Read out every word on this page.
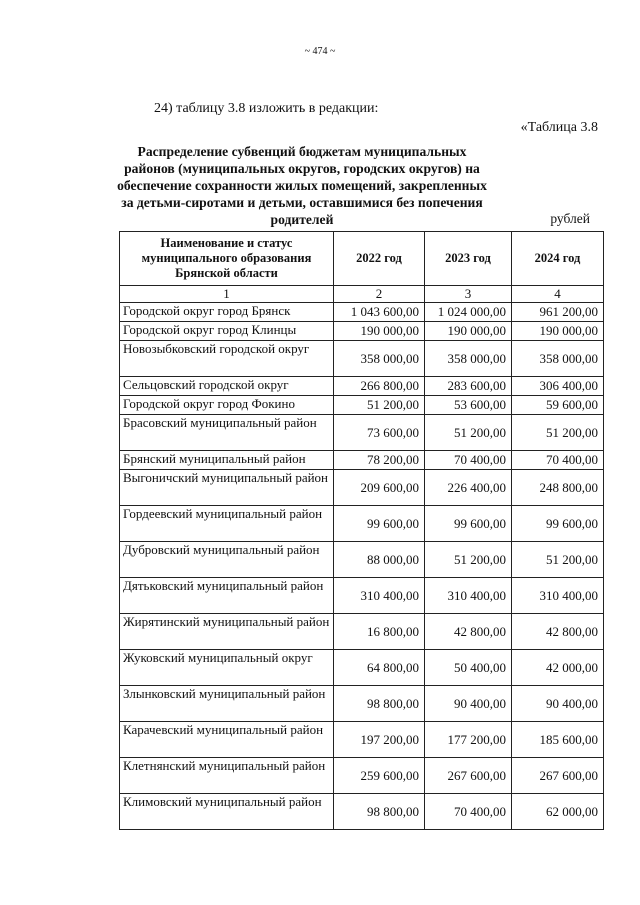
~ 474 ~
24) таблицу 3.8 изложить в редакции:
«Таблица 3.8
Распределение субвенций бюджетам муниципальных районов (муниципальных округов, городских округов) на обеспечение сохранности жилых помещений, закрепленных за детьми-сиротами и детьми, оставшимися без попечения родителей	рублей
Наименование и статус муниципального образования Брянской области	2022 год	2023 год	2024 год
1	2	3	4
Городской округ город Брянск	1 043 600,00	1 024 000,00	961 200,00
Городской округ город Клинцы	190 000,00	190 000,00	190 000,00
Новозыбковский городской округ	358 000,00	358 000,00	358 000,00
Сельцовский городской округ	266 800,00	283 600,00	306 400,00
Городской округ город Фокино	51 200,00	53 600,00	59 600,00
Брасовский муниципальный район	73 600,00	51 200,00	51 200,00
Брянский муниципальный район	78 200,00	70 400,00	70 400,00
Выгоничский муниципальный район	209 600,00	226 400,00	248 800,00
Гордеевский муниципальный район	99 600,00	99 600,00	99 600,00
Дубровский муниципальный район	88 000,00	51 200,00	51 200,00
Дятьковский муниципальный район	310 400,00	310 400,00	310 400,00
Жирятинский муниципальный район	16 800,00	42 800,00	42 800,00
Жуковский муниципальный округ	64 800,00	50 400,00	42 000,00
Злынковский муниципальный район	98 800,00	90 400,00	90 400,00
Карачевский муниципальный район	197 200,00	177 200,00	185 600,00
Клетнянский муниципальный район	259 600,00	267 600,00	267 600,00
Климовский муниципальный район	98 800,00	70 400,00	62 000,00
